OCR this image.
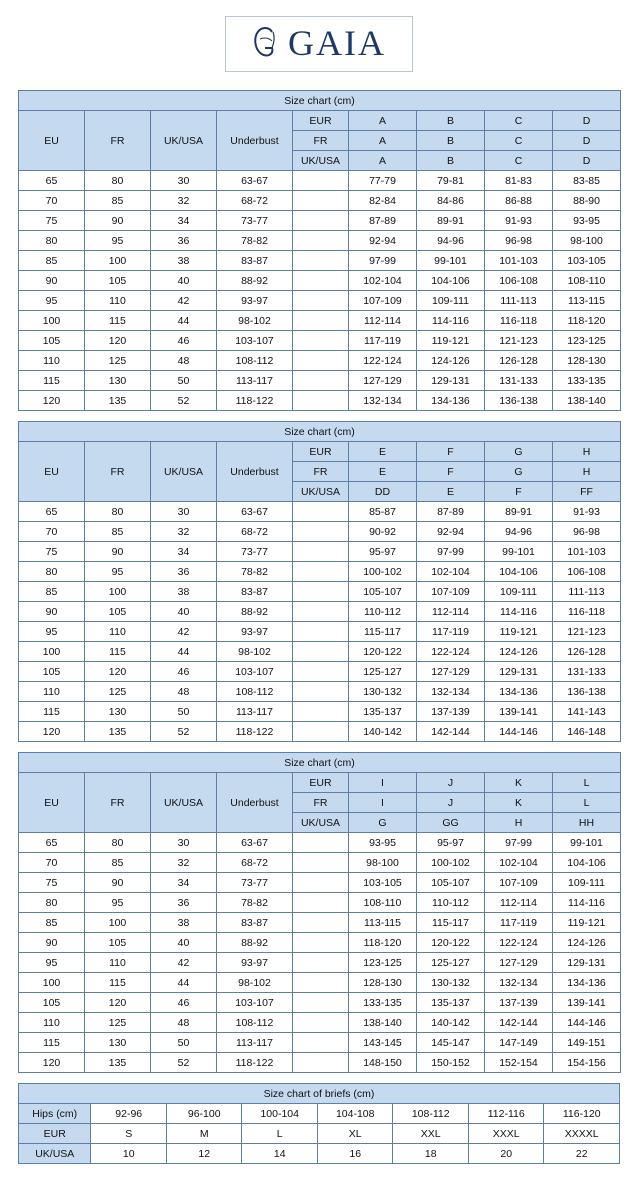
GAIA
Size chart (cm)								
EU	FR	UK/USA	Underbust	EUR	A	B	C	D
				FR	A	B	C	D
				UK/USA	A	B	C	D
65	80	30	63-67		77-79	79-81	81-83	83-85
70	85	32	68-72		82-84	84-86	86-88	88-90
75	90	34	73-77		87-89	89-91	91-93	93-95
80	95	36	78-82		92-94	94-96	96-98	98-100
85	100	38	83-87		97-99	99-101	101-103	103-105
90	105	40	88-92		102-104	104-106	106-108	108-110
95	110	42	93-97		107-109	109-111	111-113	113-115
100	115	44	98-102		112-114	114-116	116-118	118-120
105	120	46	103-107		117-119	119-121	121-123	123-125
110	125	48	108-112		122-124	124-126	126-128	128-130
115	130	50	113-117		127-129	129-131	131-133	133-135
120	135	52	118-122		132-134	134-136	136-138	138-140
Size chart (cm)								
EU	FR	UK/USA	Underbust	EUR	E	F	G	H
				FR	E	F	G	H
				UK/USA	DD	E	F	FF
65	80	30	63-67		85-87	87-89	89-91	91-93
70	85	32	68-72		90-92	92-94	94-96	96-98
75	90	34	73-77		95-97	97-99	99-101	101-103
80	95	36	78-82		100-102	102-104	104-106	106-108
85	100	38	83-87		105-107	107-109	109-111	111-113
90	105	40	88-92		110-112	112-114	114-116	116-118
95	110	42	93-97		115-117	117-119	119-121	121-123
100	115	44	98-102		120-122	122-124	124-126	126-128
105	120	46	103-107		125-127	127-129	129-131	131-133
110	125	48	108-112		130-132	132-134	134-136	136-138
115	130	50	113-117		135-137	137-139	139-141	141-143
120	135	52	118-122		140-142	142-144	144-146	146-148
Size chart (cm)								
EU	FR	UK/USA	Underbust	EUR	I	J	K	L
				FR	I	J	K	L
				UK/USA	G	GG	H	HH
65	80	30	63-67		93-95	95-97	97-99	99-101
70	85	32	68-72		98-100	100-102	102-104	104-106
75	90	34	73-77		103-105	105-107	107-109	109-111
80	95	36	78-82		108-110	110-112	112-114	114-116
85	100	38	83-87		113-115	115-117	117-119	119-121
90	105	40	88-92		118-120	120-122	122-124	124-126
95	110	42	93-97		123-125	125-127	127-129	129-131
100	115	44	98-102		128-130	130-132	132-134	134-136
105	120	46	103-107		133-135	135-137	137-139	139-141
110	125	48	108-112		138-140	140-142	142-144	144-146
115	130	50	113-117		143-145	145-147	147-149	149-151
120	135	52	118-122		148-150	150-152	152-154	154-156
Size chart of briefs (cm)							
Hips (cm)	92-96	96-100	100-104	104-108	108-112	112-116	116-120
EUR	S	M	L	XL	XXL	XXXL	XXXXL
UK/USA	10	12	14	16	18	20	22
